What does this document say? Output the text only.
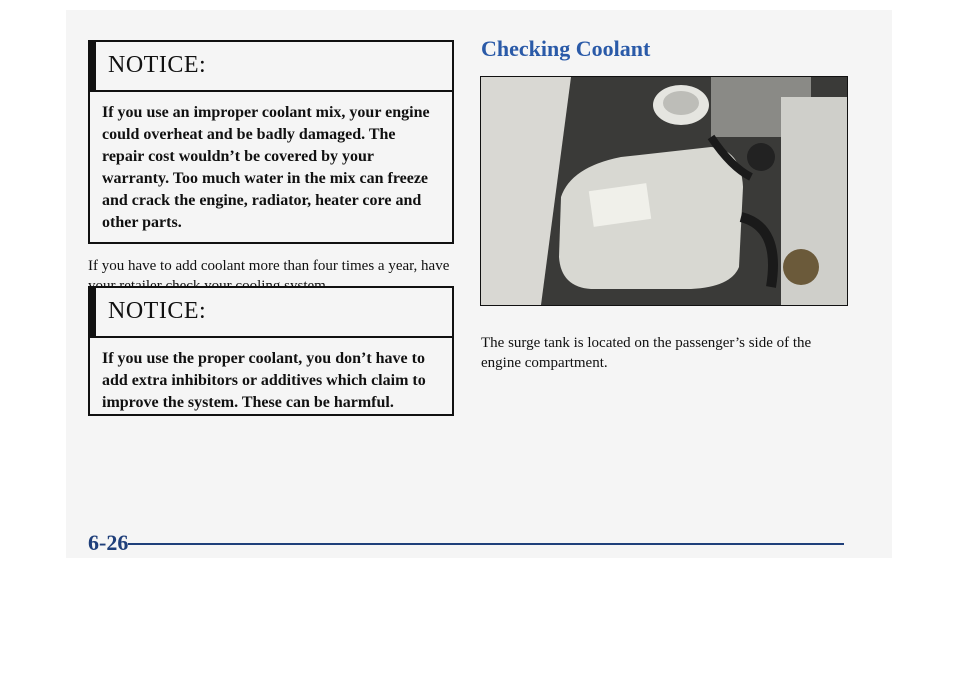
NOTICE:
If you use an improper coolant mix, your engine could overheat and be badly damaged. The repair cost wouldn’t be covered by your warranty. Too much water in the mix can freeze and crack the engine, radiator, heater core and other parts.
If you have to add coolant more than four times a year, have
NOTICE:
If you use the proper coolant, you don’t have to add extra inhibitors or additives which claim to improve the system. These can be harmful.
Checking Coolant
The surge tank is located on the passenger’s side of the engine compartment.
6-26
